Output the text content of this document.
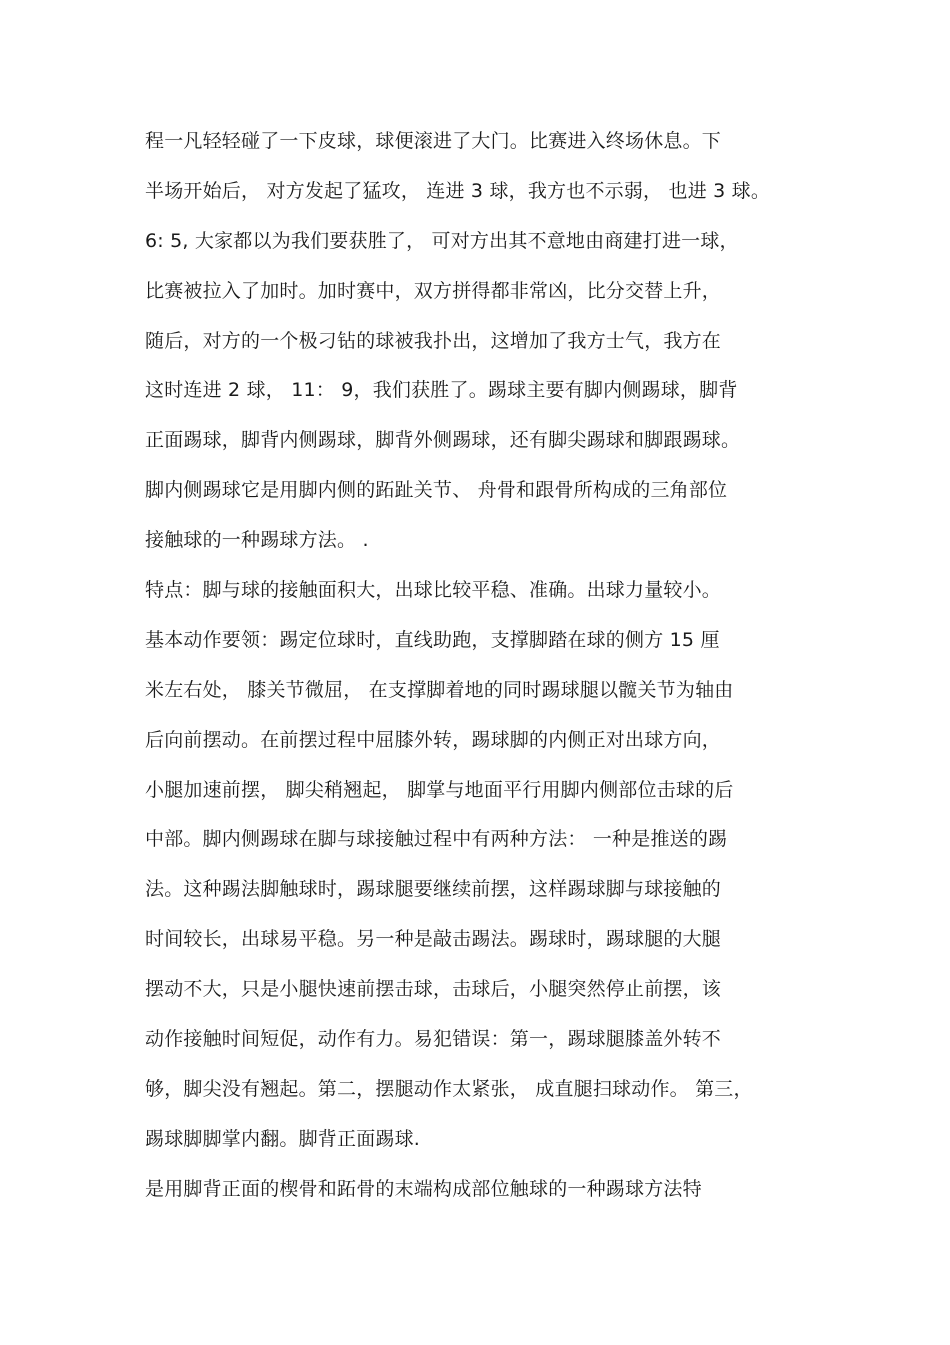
程一凡轻轻碰了一下皮球，球便滚进了大门。比赛进入终场休息。下
半场开始后， 对方发起了猛攻， 连进 3 球，我方也不示弱， 也进 3 球。
6: 5, 大家都以为我们要获胜了， 可对方出其不意地由商建打进一球，
比赛被拉入了加时。加时赛中，双方拼得都非常凶，比分交替上升，
随后，对方的一个极刁钻的球被我扑出，这增加了我方士气，我方在
这时连进 2 球， 11： 9，我们获胜了。踢球主要有脚内侧踢球，脚背
正面踢球，脚背内侧踢球，脚背外侧踢球，还有脚尖踢球和脚跟踢球。
脚内侧踢球它是用脚内侧的跖趾关节、 舟骨和跟骨所构成的三角部位
接触球的一种踢球方法。 .
特点：脚与球的接触面积大，出球比较平稳、准确。出球力量较小。
基本动作要领：踢定位球时，直线助跑，支撑脚踏在球的侧方 15 厘
米左右处， 膝关节微屈， 在支撑脚着地的同时踢球腿以髋关节为轴由
后向前摆动。在前摆过程中屈膝外转，踢球脚的内侧正对出球方向，
小腿加速前摆， 脚尖稍翘起， 脚掌与地面平行用脚内侧部位击球的后
中部。脚内侧踢球在脚与球接触过程中有两种方法： 一种是推送的踢
法。这种踢法脚触球时，踢球腿要继续前摆，这样踢球脚与球接触的
时间较长，出球易平稳。另一种是敲击踢法。踢球时，踢球腿的大腿
摆动不大，只是小腿快速前摆击球，击球后，小腿突然停止前摆，该
动作接触时间短促，动作有力。易犯错误：第一，踢球腿膝盖外转不
够，脚尖没有翘起。第二，摆腿动作太紧张， 成直腿扫球动作。 第三，
踢球脚脚掌内翻。脚背正面踢球.
是用脚背正面的楔骨和跖骨的末端构成部位触球的一种踢球方法特
